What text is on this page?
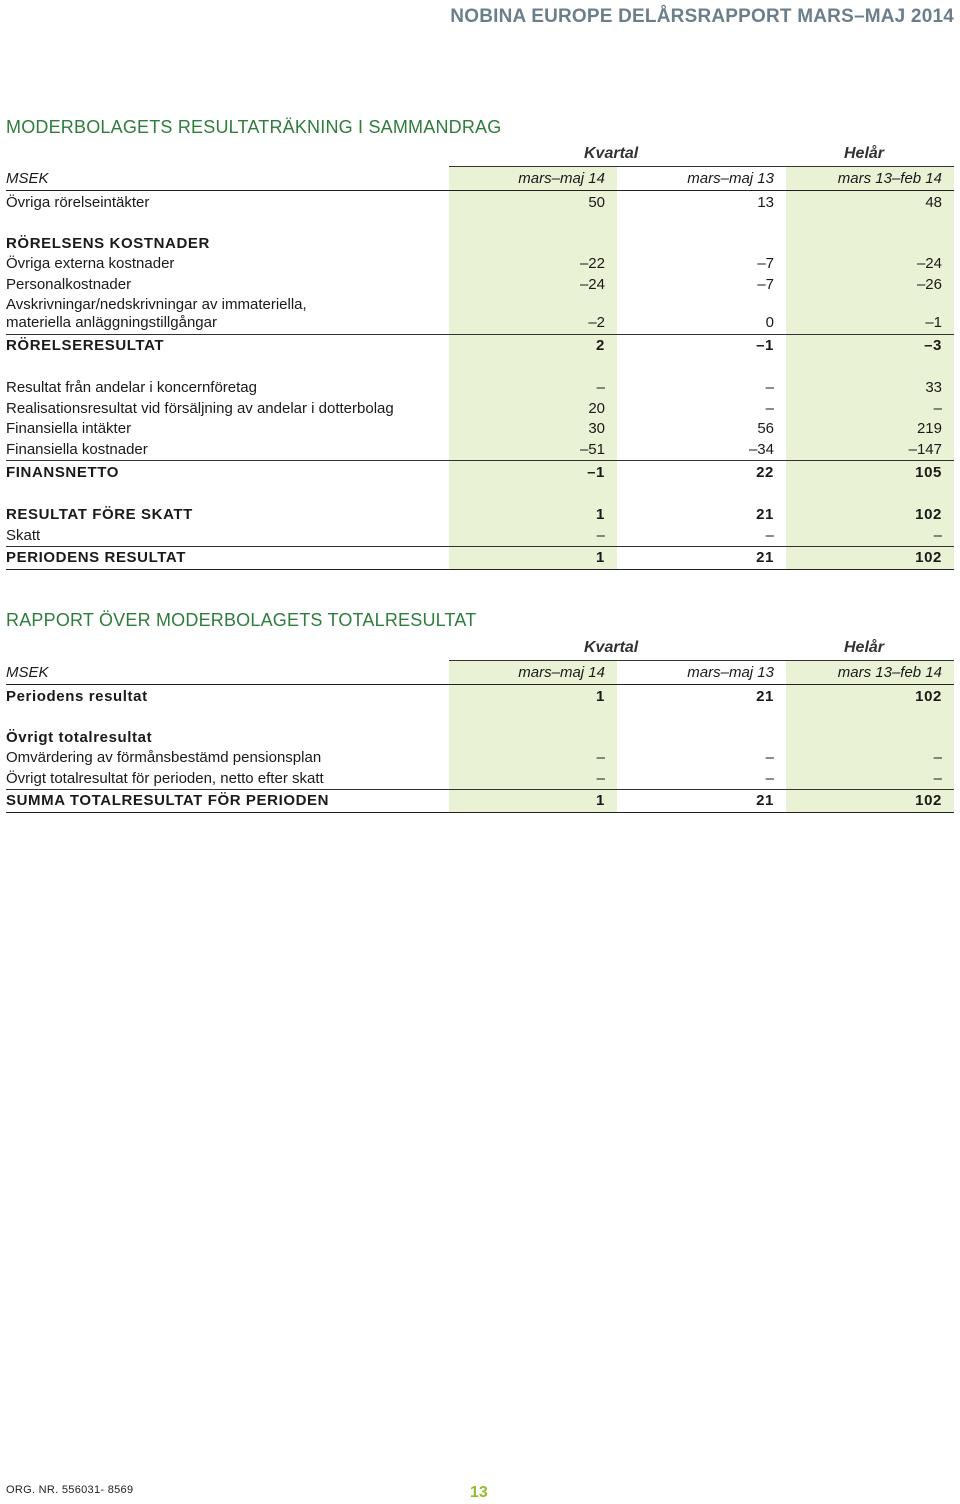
NOBINA EUROPE DELÅRSRAPPORT MARS–MAJ 2014
MODERBOLAGETS RESULTATRÄKNING I SAMMANDRAG
Kvartal	Helår
MSEK	mars–maj 14	mars–maj 13	mars 13–feb 14
Övriga rörelseintäkter	50	13	48
RÖRELSENS KOSTNADER
Övriga externa kostnader	–22	–7	–24
Personalkostnader	–24	–7	–26
Avskrivningar/nedskrivningar av immateriella,
materiella anläggningstillgångar	–2	0	–1
RÖRELSERESULTAT	2	–1	–3
Resultat från andelar i koncernföretag	–	–	33
Realisationsresultat vid försäljning av andelar i dotterbolag	20	–	–
Finansiella intäkter	30	56	219
Finansiella kostnader	–51	–34	–147
FINANSNETTO	–1	22	105
RESULTAT FÖRE SKATT	1	21	102
Skatt	–	–	–
PERIODENS RESULTAT	1	21	102
RAPPORT ÖVER MODERBOLAGETS TOTALRESULTAT
Kvartal	Helår
MSEK	mars–maj 14	mars–maj 13	mars 13–feb 14
Periodens resultat	1	21	102
Övrigt totalresultat
Omvärdering av förmånsbestämd pensionsplan	–	–	–
Övrigt totalresultat för perioden, netto efter skatt	–	–	–
SUMMA TOTALRESULTAT FÖR PERIODEN	1	21	102
ORG. NR. 556031- 8569	13
